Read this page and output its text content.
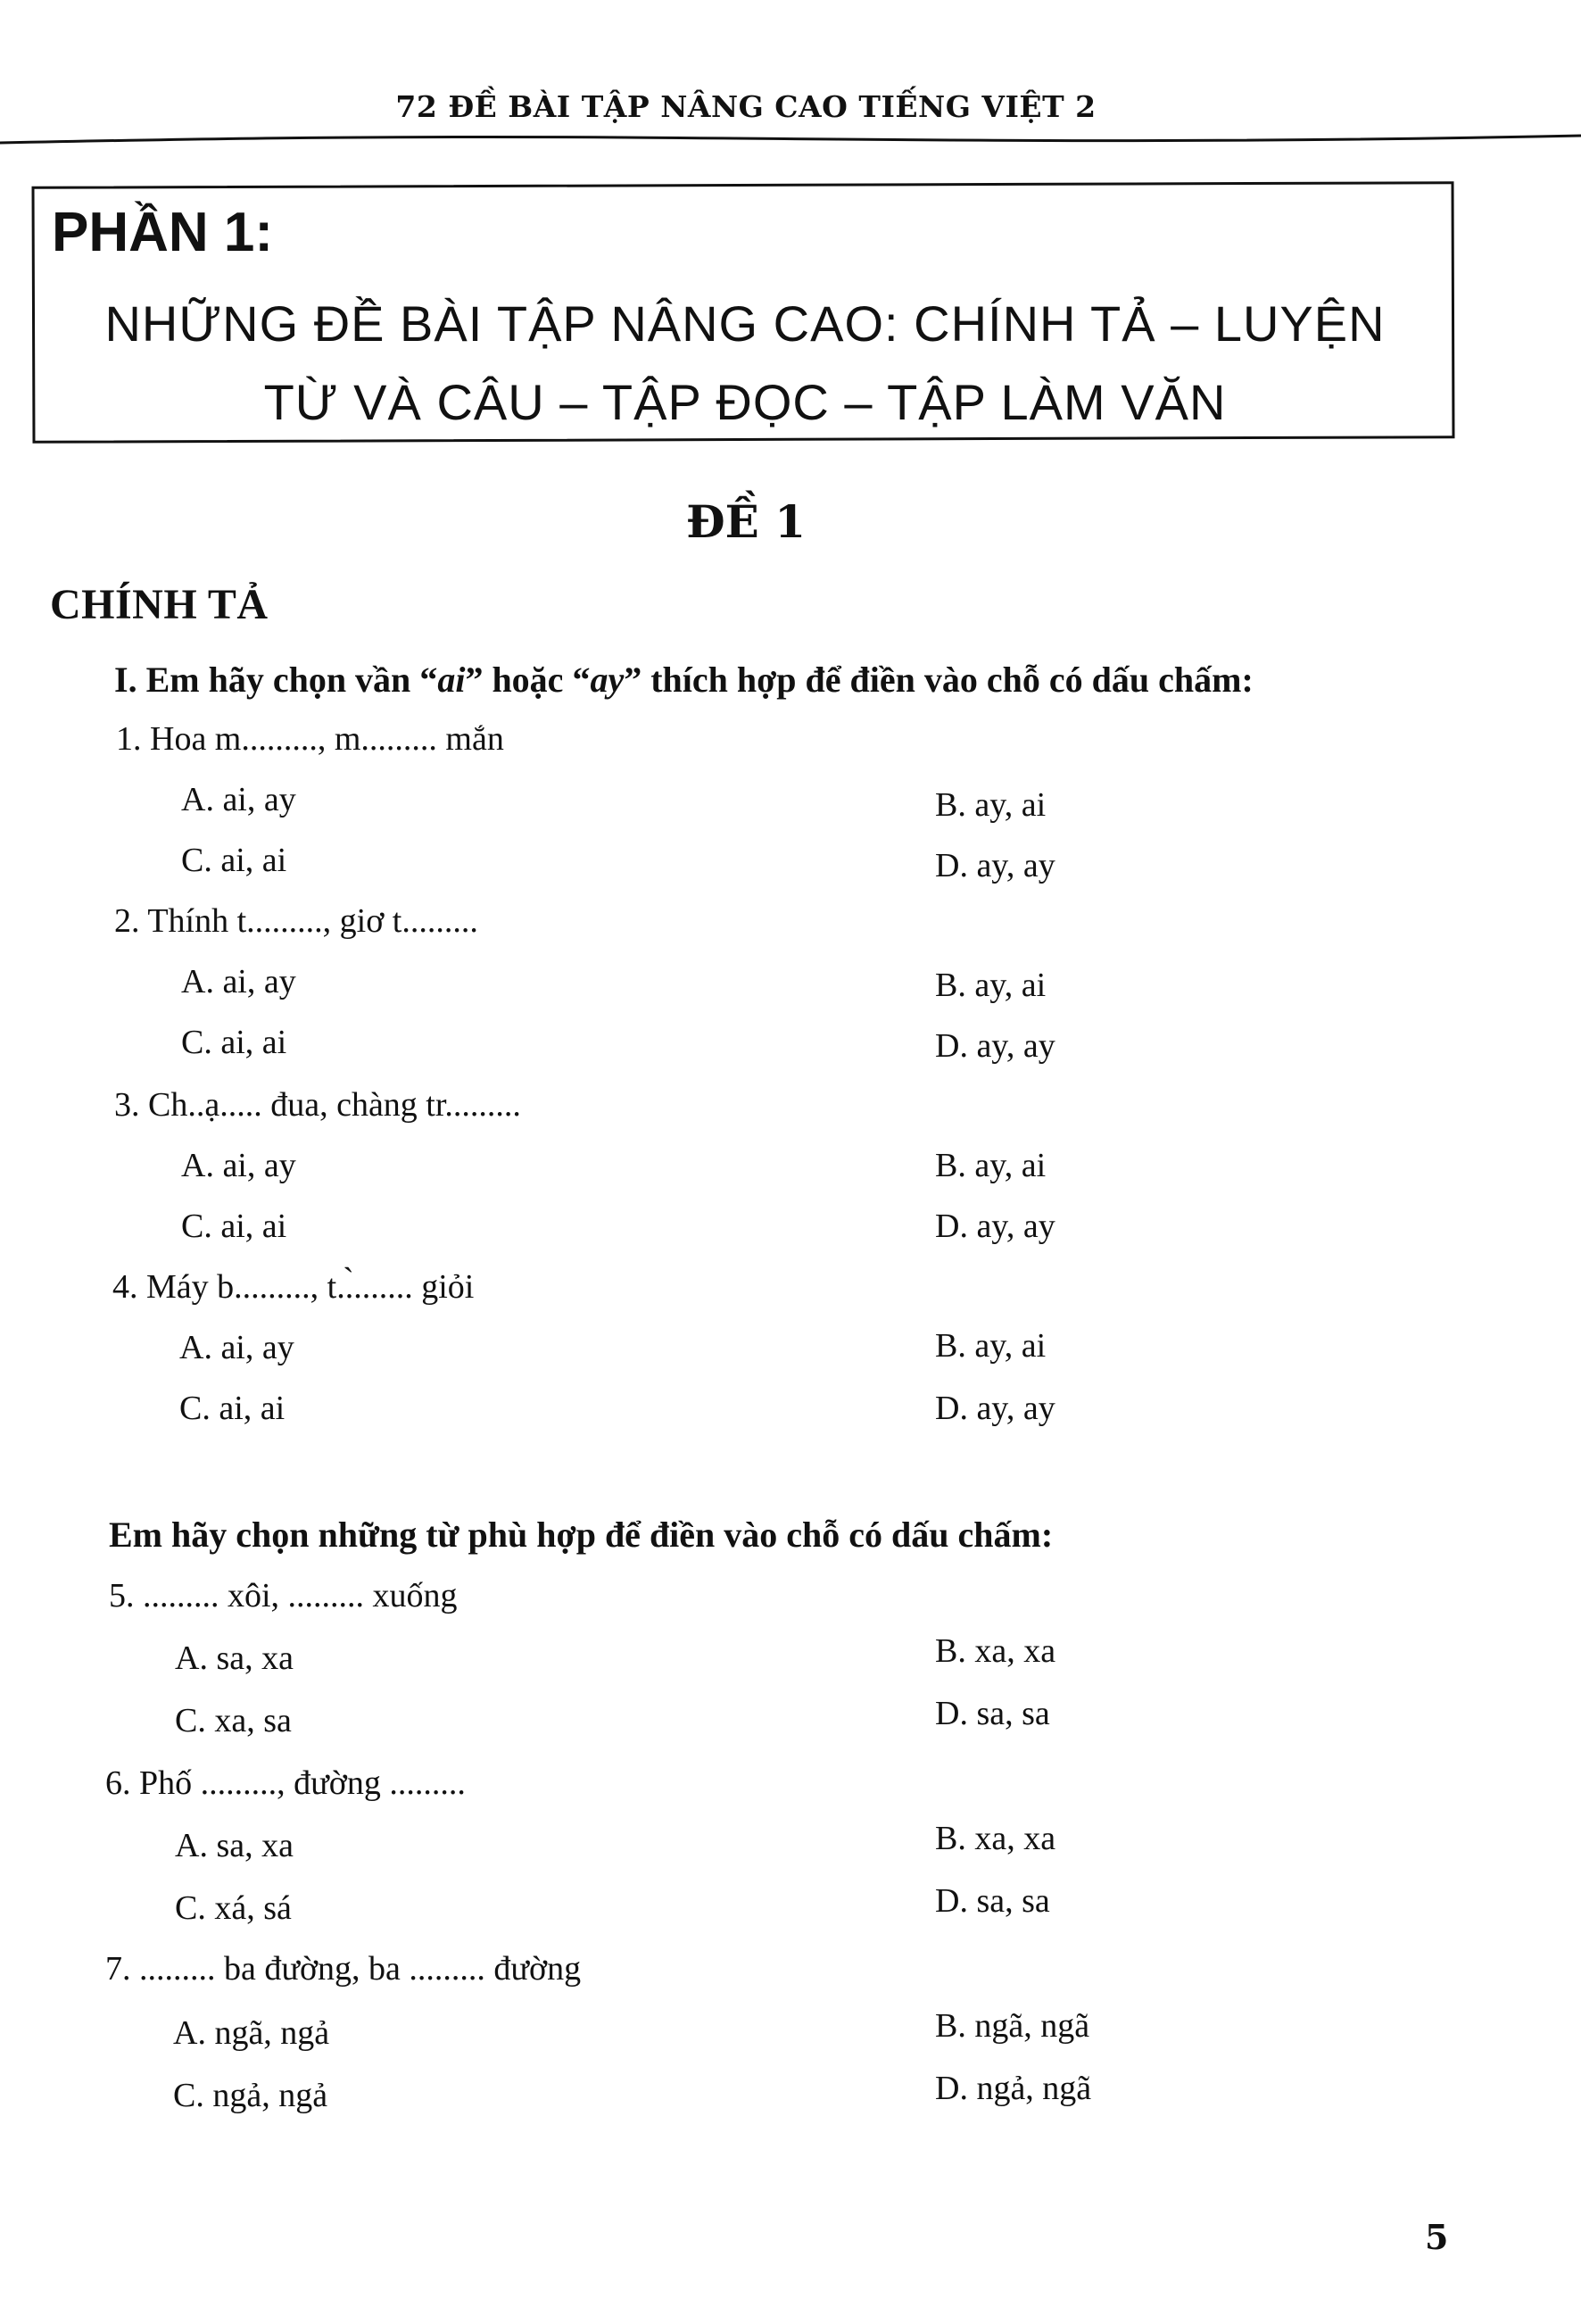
72 ĐỀ BÀI TẬP NÂNG CAO TIẾNG VIỆT 2
PHẦN 1:
NHỮNG ĐỀ BÀI TẬP NÂNG CAO: CHÍNH TẢ – LUYỆN
TỪ VÀ CÂU – TẬP ĐỌC – TẬP LÀM VĂN
ĐỀ 1
CHÍNH TẢ
I. Em hãy chọn vần “ai” hoặc “ay” thích hợp để điền vào chỗ có dấu chấm:
1. Hoa m........., m......... mắn
A. ai, ay	B. ay, ai
C. ai, ai	D. ay, ay
2. Thính t........., giơ t.........
A. ai, ay	B. ay, ai
C. ai, ai	D. ay, ay
3. Ch..ạ..... đua, chàng tr.........
A. ai, ay	B. ay, ai
C. ai, ai	D. ay, ay
4. Máy b........., t..̀....... giỏi
A. ai, ay	B. ay, ai
C. ai, ai	D. ay, ay
Em hãy chọn những từ phù hợp để điền vào chỗ có dấu chấm:
5. ......... xôi, ......... xuống
A. sa, xa	B. xa, xa
C. xa, sa	D. sa, sa
6. Phố ........., đường .........
A. sa, xa	B. xa, xa
C. xá, sá	D. sa, sa
7. ......... ba đường, ba ......... đường
A. ngã, ngả	B. ngã, ngã
C. ngả, ngả	D. ngả, ngã
5
